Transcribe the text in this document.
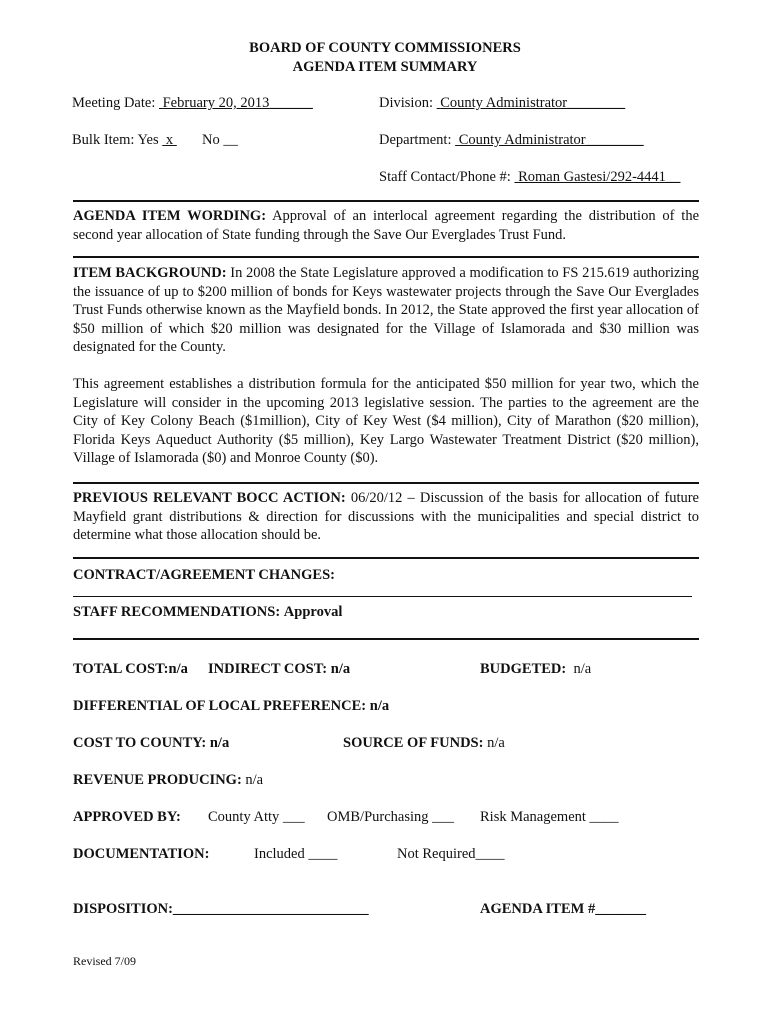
BOARD OF COUNTY COMMISSIONERS
AGENDA ITEM SUMMARY
Meeting Date: February 20, 2013______	Division: County Administrator________
Bulk Item: Yes x No __	Department: County Administrator________
Staff Contact/Phone #: Roman Gastesi/292-4441__

AGENDA ITEM WORDING: Approval of an interlocal agreement regarding the distribution of the second year allocation of State funding through the Save Our Everglades Trust Fund.

ITEM BACKGROUND: In 2008 the State Legislature approved a modification to FS 215.619 authorizing the issuance of up to $200 million of bonds for Keys wastewater projects through the Save Our Everglades Trust Funds otherwise known as the Mayfield bonds. In 2012, the State approved the first year allocation of $50 million of which $20 million was designated for the Village of Islamorada and $30 million was designated for the County.

This agreement establishes a distribution formula for the anticipated $50 million for year two, which the Legislature will consider in the upcoming 2013 legislative session. The parties to the agreement are the City of Key Colony Beach ($1million), City of Key West ($4 million), City of Marathon ($20 million), Florida Keys Aqueduct Authority ($5 million), Key Largo Wastewater Treatment District ($20 million), Village of Islamorada ($0) and Monroe County ($0).

PREVIOUS RELEVANT BOCC ACTION: 06/20/12 – Discussion of the basis for allocation of future Mayfield grant distributions & direction for discussions with the municipalities and special district to determine what those allocation should be.

CONTRACT/AGREEMENT CHANGES:
STAFF RECOMMENDATIONS: Approval
TOTAL COST:n/a INDIRECT COST: n/a	BUDGETED: n/a
DIFFERENTIAL OF LOCAL PREFERENCE: n/a
COST TO COUNTY: n/a	SOURCE OF FUNDS: n/a
REVENUE PRODUCING: n/a
APPROVED BY: County Atty ___ OMB/Purchasing ___ Risk Management ____
DOCUMENTATION:	Included ____	Not Required____
DISPOSITION:___________________________	AGENDA ITEM #_______
Revised 7/09
